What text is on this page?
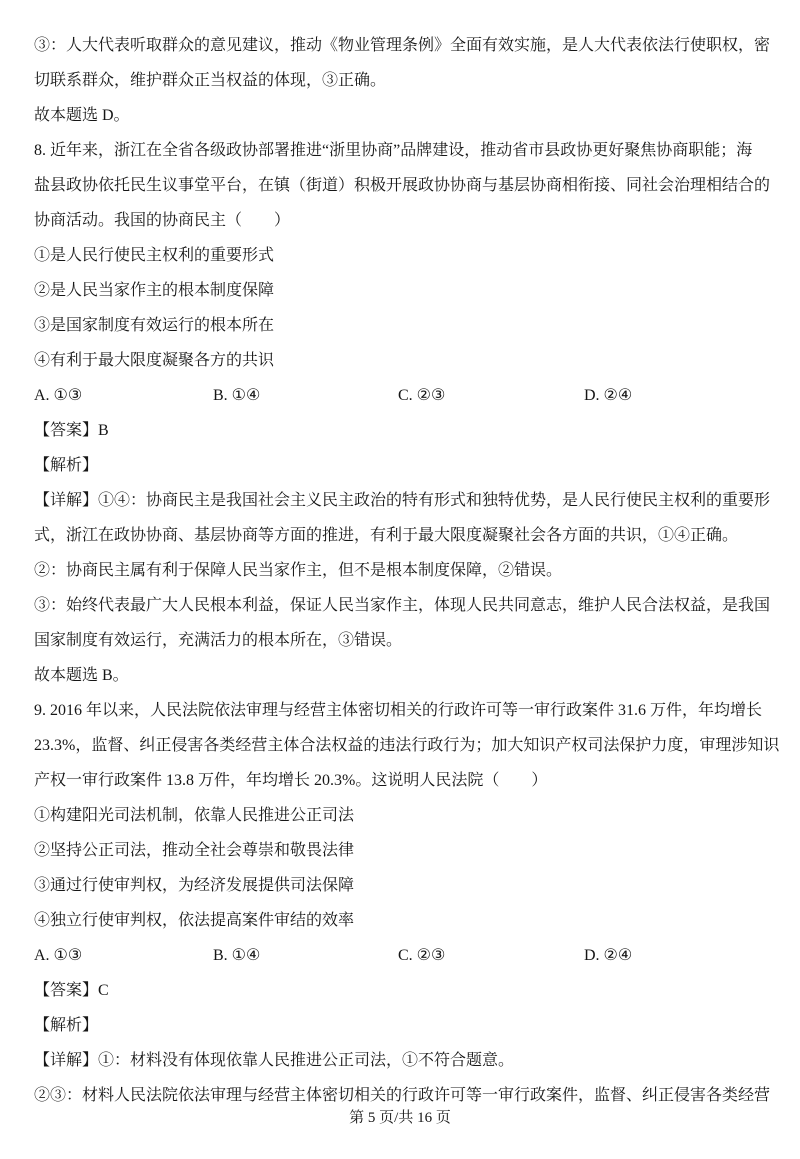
③：人大代表听取群众的意见建议，推动《物业管理条例》全面有效实施，是人大代表依法行使职权，密
切联系群众，维护群众正当权益的体现，③正确。
故本题选 D。
8. 近年来，浙江在全省各级政协部署推进“浙里协商”品牌建设，推动省市县政协更好聚焦协商职能；海
盐县政协依托民生议事堂平台，在镇（街道）积极开展政协协商与基层协商相衔接、同社会治理相结合的
协商活动。我国的协商民主（　　）
①是人民行使民主权利的重要形式
②是人民当家作主的根本制度保障
③是国家制度有效运行的根本所在
④有利于最大限度凝聚各方的共识
A. ①③	B. ①④	C. ②③	D. ②④
【答案】B
【解析】
【详解】①④：协商民主是我国社会主义民主政治的特有形式和独特优势，是人民行使民主权利的重要形
式，浙江在政协协商、基层协商等方面的推进，有利于最大限度凝聚社会各方面的共识，①④正确。
②：协商民主属有利于保障人民当家作主，但不是根本制度保障，②错误。
③：始终代表最广大人民根本利益，保证人民当家作主，体现人民共同意志，维护人民合法权益，是我国
国家制度有效运行，充满活力的根本所在，③错误。
故本题选 B。
9. 2016 年以来，人民法院依法审理与经营主体密切相关的行政许可等一审行政案件 31.6 万件，年均增长
23.3%，监督、纠正侵害各类经营主体合法权益的违法行政行为；加大知识产权司法保护力度，审理涉知识
产权一审行政案件 13.8 万件，年均增长 20.3%。这说明人民法院（　　）
①构建阳光司法机制，依靠人民推进公正司法
②坚持公正司法，推动全社会尊崇和敬畏法律
③通过行使审判权，为经济发展提供司法保障
④独立行使审判权，依法提高案件审结的效率
A. ①③	B. ①④	C. ②③	D. ②④
【答案】C
【解析】
【详解】①：材料没有体现依靠人民推进公正司法，①不符合题意。
②③：材料人民法院依法审理与经营主体密切相关的行政许可等一审行政案件，监督、纠正侵害各类经营
第 5 页/共 16 页
